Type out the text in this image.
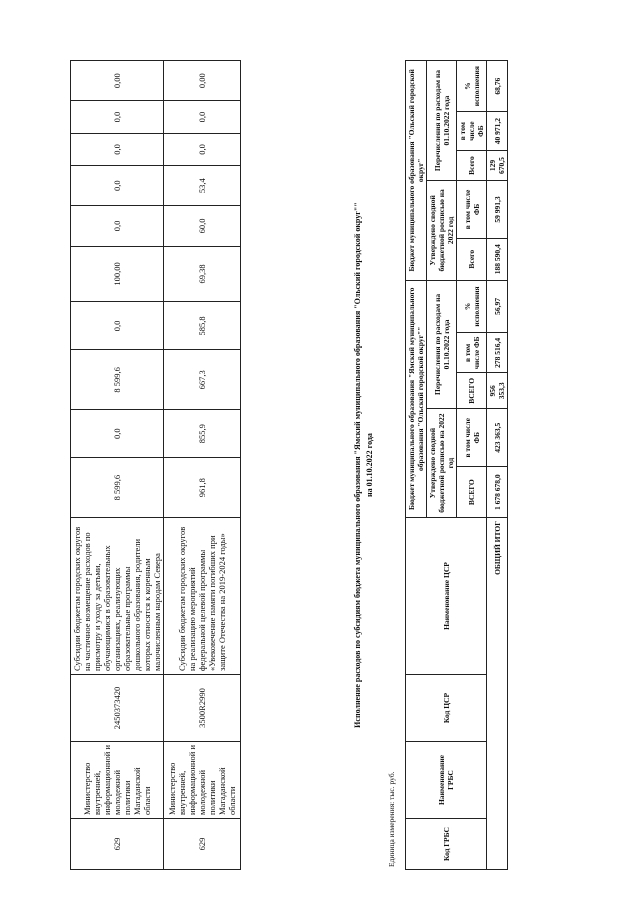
629	Министерство внутренней, информационной и молодежной политики Магаданской области	2450373420	Субсидии бюджетам городских округов на частичное возмещение расходов по присмотру и уходу за детьми, обучающимися в образовательных организациях, реализующих образовательные программы дошкольного образования, родители которых относятся к коренным малочисленным народам Севера	8 599,6	0,0	8 599,6	0,0	100,00	0,0	0,0	0,0	0,0	0,00
629	Министерство внутренней, информационной и молодежной политики Магаданской области	3500R2990	Субсидии бюджетам городских округов на реализацию мероприятий федеральной целевой программы «Увековечение памяти погибших при защите Отечества на 2019-2024 годы»	961,8	855,9	667,3	585,8	69,38	60,0	53,4	0,0	0,0	0,00
Исполнение расходов по субсидиям бюджета муниципального образования "Ямский муниципального образования "Ольский городской округ"" на 01.10.2022 года
Единица измерения: тыс. руб.	Код ГРБС	Наименование ГРБС	Код ЦСР	Наименование ЦСР	Бюджет муниципального образования "Ямский муниципального образования "Ольский городской округ""					Бюджет муниципального образования "Ольский городской округ"				
				Утверждено сводной бюджетной росписью на 2022 год		Перечисления по расходам на 01.10.2022 года			Утверждено сводной бюджетной росписью на 2022 год		Перечисления по расходам на 01.10.2022 года		
				ВСЕГО	в том числе ФБ	ВСЕГО	в том числе ФБ	% исполнения	Всего	в том числе ФБ	Всего	в том числе ФБ	% исполнения
ОБЩИЙ ИТОГ				1 678 678,0	423 363,5	956 353,3	278 516,4	56,97	188 590,4	59 991,3	129 670,5	40 971,2	68,76
